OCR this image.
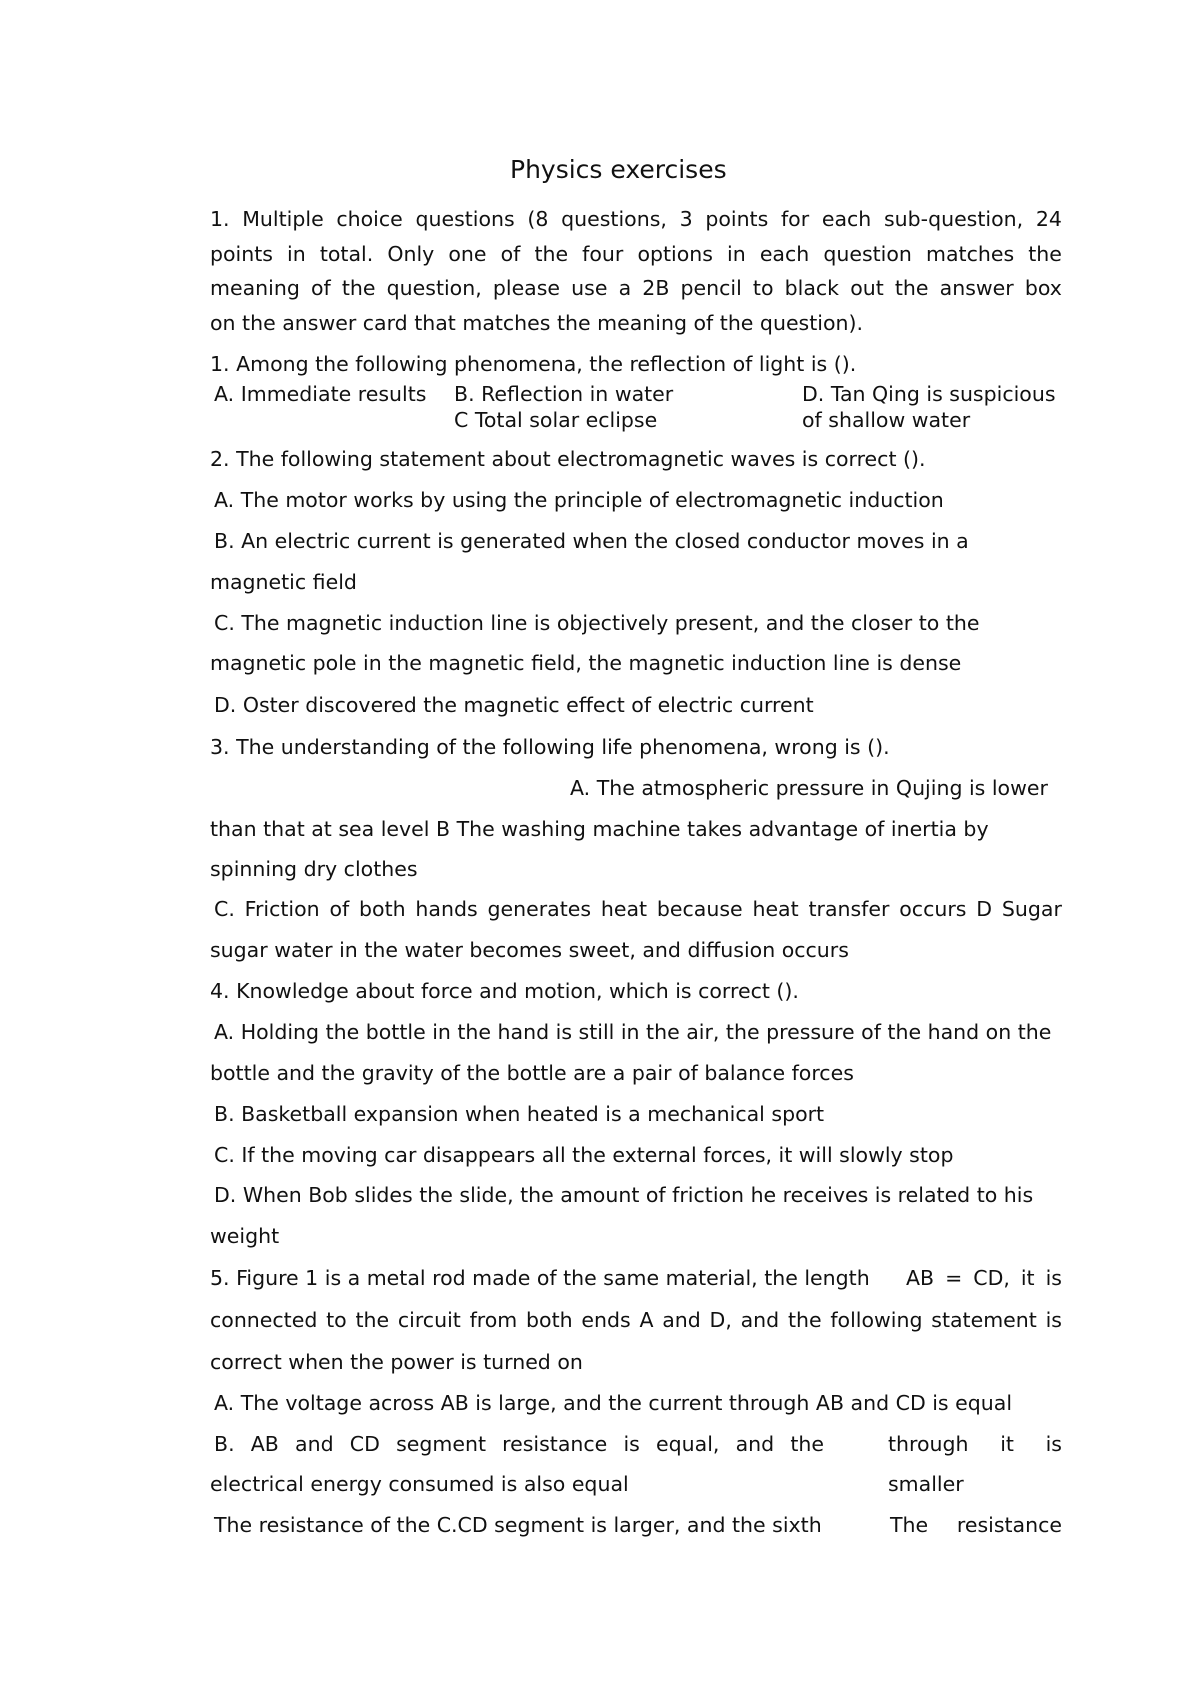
Physics exercises

1. Multiple choice questions (8 questions, 3 points for each sub-question, 24

points in total. Only one of the four options in each question matches the

meaning of the question, please use a 2B pencil to black out the answer box

on the answer card that matches the meaning of the question).

1. Among the following phenomena, the reflection of light is ().

A. Immediate results B. Reflection in water

C Total solar eclipse

D. Tan Qing is suspicious

of shallow water

2. The following statement about electromagnetic waves is correct ().

A. The motor works by using the principle of electromagnetic induction

B. An electric current is generated when the closed conductor moves in a

magnetic field

C. The magnetic induction line is objectively present, and the closer to the

magnetic pole in the magnetic field, the magnetic induction line is dense

D. Oster discovered the magnetic effect of electric current

3. The understanding of the following life phenomena, wrong is ().

A. The atmospheric pressure in Qujing is lower

than that at sea level B The washing machine takes advantage of inertia by

spinning dry clothes

C. Friction of both hands generates heat because heat transfer occurs D Sugar

sugar water in the water becomes sweet, and diffusion occurs

4. Knowledge about force and motion, which is correct ().

A. Holding the bottle in the hand is still in the air, the pressure of the hand on the

bottle and the gravity of the bottle are a pair of balance forces

B. Basketball expansion when heated is a mechanical sport

C. If the moving car disappears all the external forces, it will slowly stop

D. When Bob slides the slide, the amount of friction he receives is related to his

weight

5. Figure 1 is a metal rod made of the same material, the length AB = CD, it is

connected to the circuit from both ends A and D, and the following statement is

correct when the power is turned on

A. The voltage across AB is large, and the current through AB and CD is equal

B. AB and CD segment resistance is equal, and the	through it is

electrical energy consumed is also equal	smaller

The resistance of the C.CD segment is larger, and the sixth	The resistance
